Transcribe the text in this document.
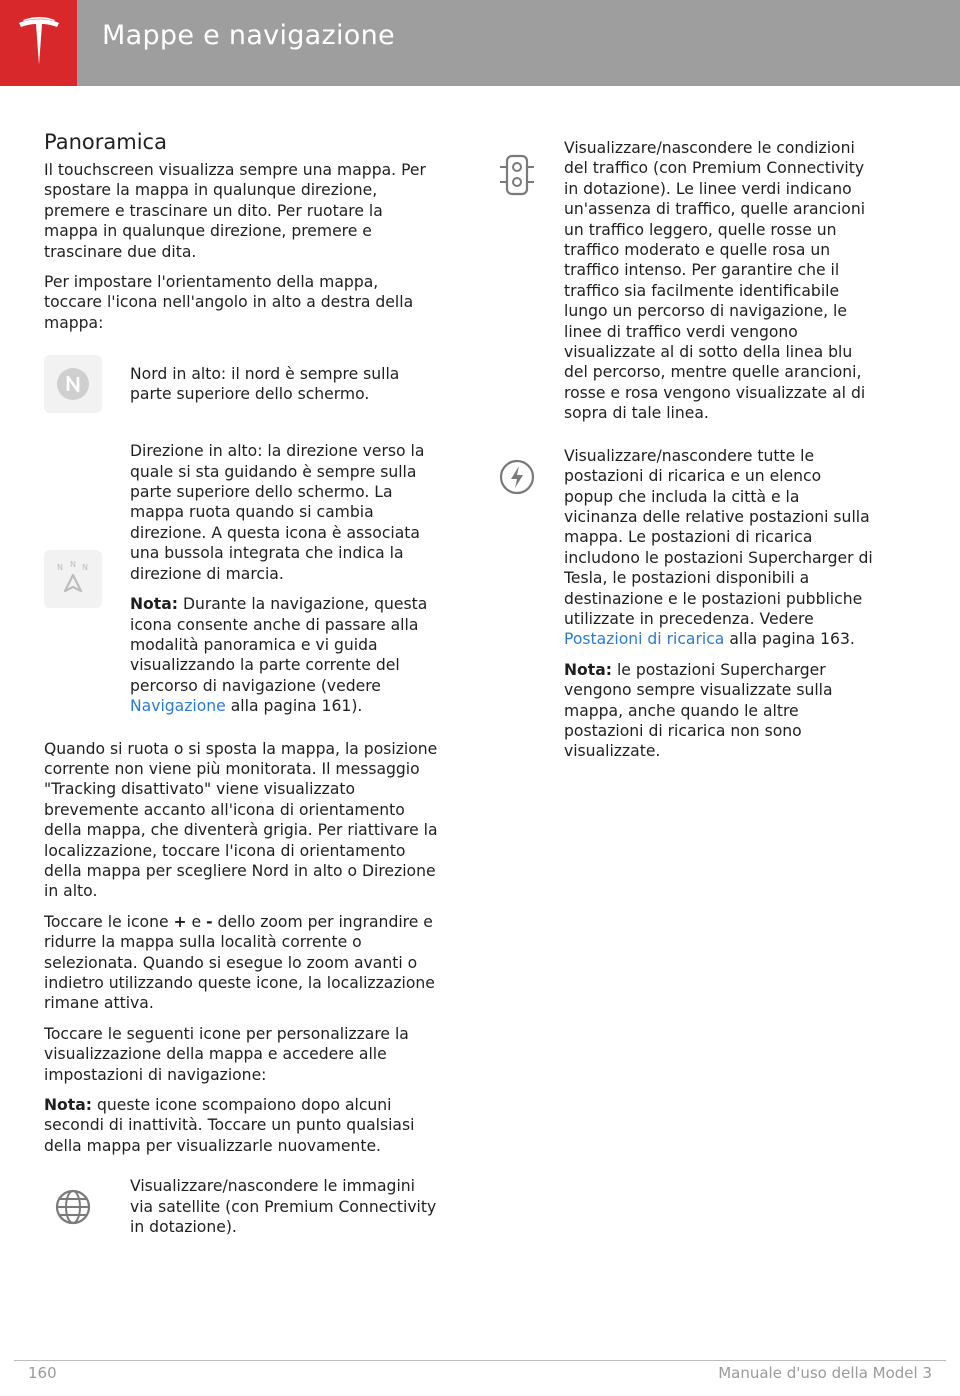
Mappe e navigazione
Panoramica

Il touchscreen visualizza sempre una mappa. Per spostare la mappa in qualunque direzione, premere e trascinare un dito. Per ruotare la mappa in qualunque direzione, premere e trascinare due dita.

Per impostare l'orientamento della mappa, toccare l'icona nell'angolo in alto a destra della mappa:

Nord in alto: il nord è sempre sulla parte superiore dello schermo.
N N N

Direzione in alto: la direzione verso la quale si sta guidando è sempre sulla parte superiore dello schermo. La mappa ruota quando si cambia direzione. A questa icona è associata una bussola integrata che indica la direzione di marcia.

Nota: Durante la navigazione, questa icona consente anche di passare alla modalità panoramica e vi guida visualizzando la parte corrente del percorso di navigazione (vedere Navigazione alla pagina 161).

Quando si ruota o si sposta la mappa, la posizione corrente non viene più monitorata. Il messaggio "Tracking disattivato" viene visualizzato brevemente accanto all'icona di orientamento della mappa, che diventerà grigia. Per riattivare la localizzazione, toccare l'icona di orientamento della mappa per scegliere Nord in alto o Direzione in alto.

Toccare le icone + e - dello zoom per ingrandire e ridurre la mappa sulla località corrente o selezionata. Quando si esegue lo zoom avanti o indietro utilizzando queste icone, la localizzazione rimane attiva.

Toccare le seguenti icone per personalizzare la visualizzazione della mappa e accedere alle impostazioni di navigazione:

Nota: queste icone scompaiono dopo alcuni secondi di inattività. Toccare un punto qualsiasi della mappa per visualizzarle nuovamente.

Visualizzare/nascondere le immagini via satellite (con Premium Connectivity in dotazione).
Visualizzare/nascondere le condizioni del traffico (con Premium Connectivity in dotazione). Le linee verdi indicano un'assenza di traffico, quelle arancioni un traffico leggero, quelle rosse un traffico moderato e quelle rosa un traffico intenso. Per garantire che il traffico sia facilmente identificabile lungo un percorso di navigazione, le linee di traffico verdi vengono visualizzate al di sotto della linea blu del percorso, mentre quelle arancioni, rosse e rosa vengono visualizzate al di sopra di tale linea.

Visualizzare/nascondere tutte le postazioni di ricarica e un elenco popup che includa la città e la vicinanza delle relative postazioni sulla mappa. Le postazioni di ricarica includono le postazioni Supercharger di Tesla, le postazioni disponibili a destinazione e le postazioni pubbliche utilizzate in precedenza. Vedere Postazioni di ricarica alla pagina 163.

Nota: le postazioni Supercharger vengono sempre visualizzate sulla mappa, anche quando le altre postazioni di ricarica non sono visualizzate.

160	Manuale d'uso della Model 3
